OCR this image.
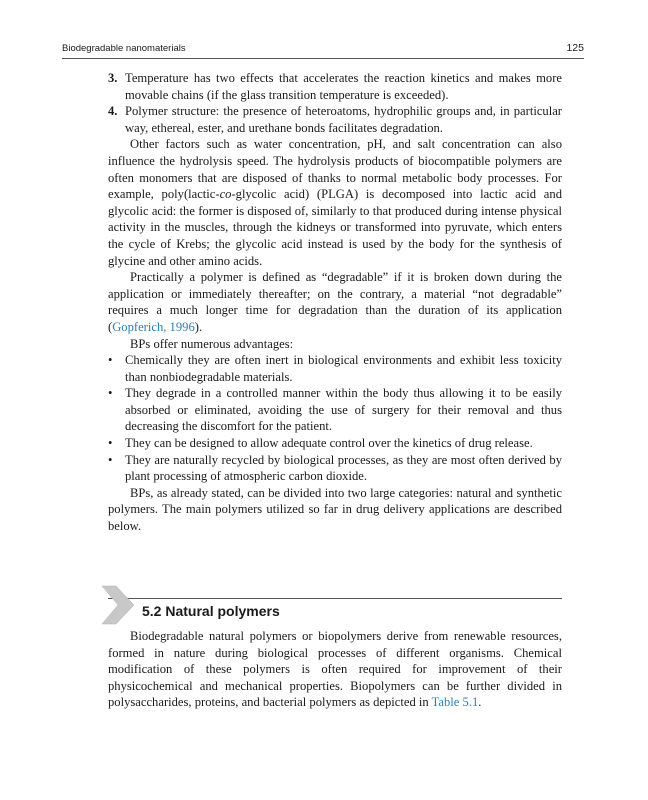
Biodegradable nanomaterials	125
3. Temperature has two effects that accelerates the reaction kinetics and makes more movable chains (if the glass transition temperature is exceeded).
4. Polymer structure: the presence of heteroatoms, hydrophilic groups and, in particular way, ethereal, ester, and urethane bonds facilitates degradation.

Other factors such as water concentration, pH, and salt concentration can also influence the hydrolysis speed. The hydrolysis products of biocompatible polymers are often monomers that are disposed of thanks to normal metabolic body processes. For example, poly(lactic-co-glycolic acid) (PLGA) is decomposed into lactic acid and glycolic acid: the former is disposed of, similarly to that produced during intense physical activity in the muscles, through the kidneys or transformed into pyruvate, which enters the cycle of Krebs; the glycolic acid instead is used by the body for the synthesis of glycine and other amino acids.

Practically a polymer is defined as “degradable” if it is broken down during the application or immediately thereafter; on the contrary, a material “not degradable” requires a much longer time for degradation than the duration of its application (Gopferich, 1996).

BPs offer numerous advantages:

• Chemically they are often inert in biological environments and exhibit less toxicity than nonbiodegradable materials.
• They degrade in a controlled manner within the body thus allowing it to be easily absorbed or eliminated, avoiding the use of surgery for their removal and thus decreasing the discomfort for the patient.
• They can be designed to allow adequate control over the kinetics of drug release.
• They are naturally recycled by biological processes, as they are most often derived by plant processing of atmospheric carbon dioxide.

BPs, as already stated, can be divided into two large categories: natural and synthetic polymers. The main polymers utilized so far in drug delivery applications are described below.

5.2 Natural polymers

Biodegradable natural polymers or biopolymers derive from renewable resources, formed in nature during biological processes of different organisms. Chemical modification of these polymers is often required for improvement of their physicochemical and mechanical properties. Biopolymers can be further divided in polysaccharides, proteins, and bacterial polymers as depicted in Table 5.1.
